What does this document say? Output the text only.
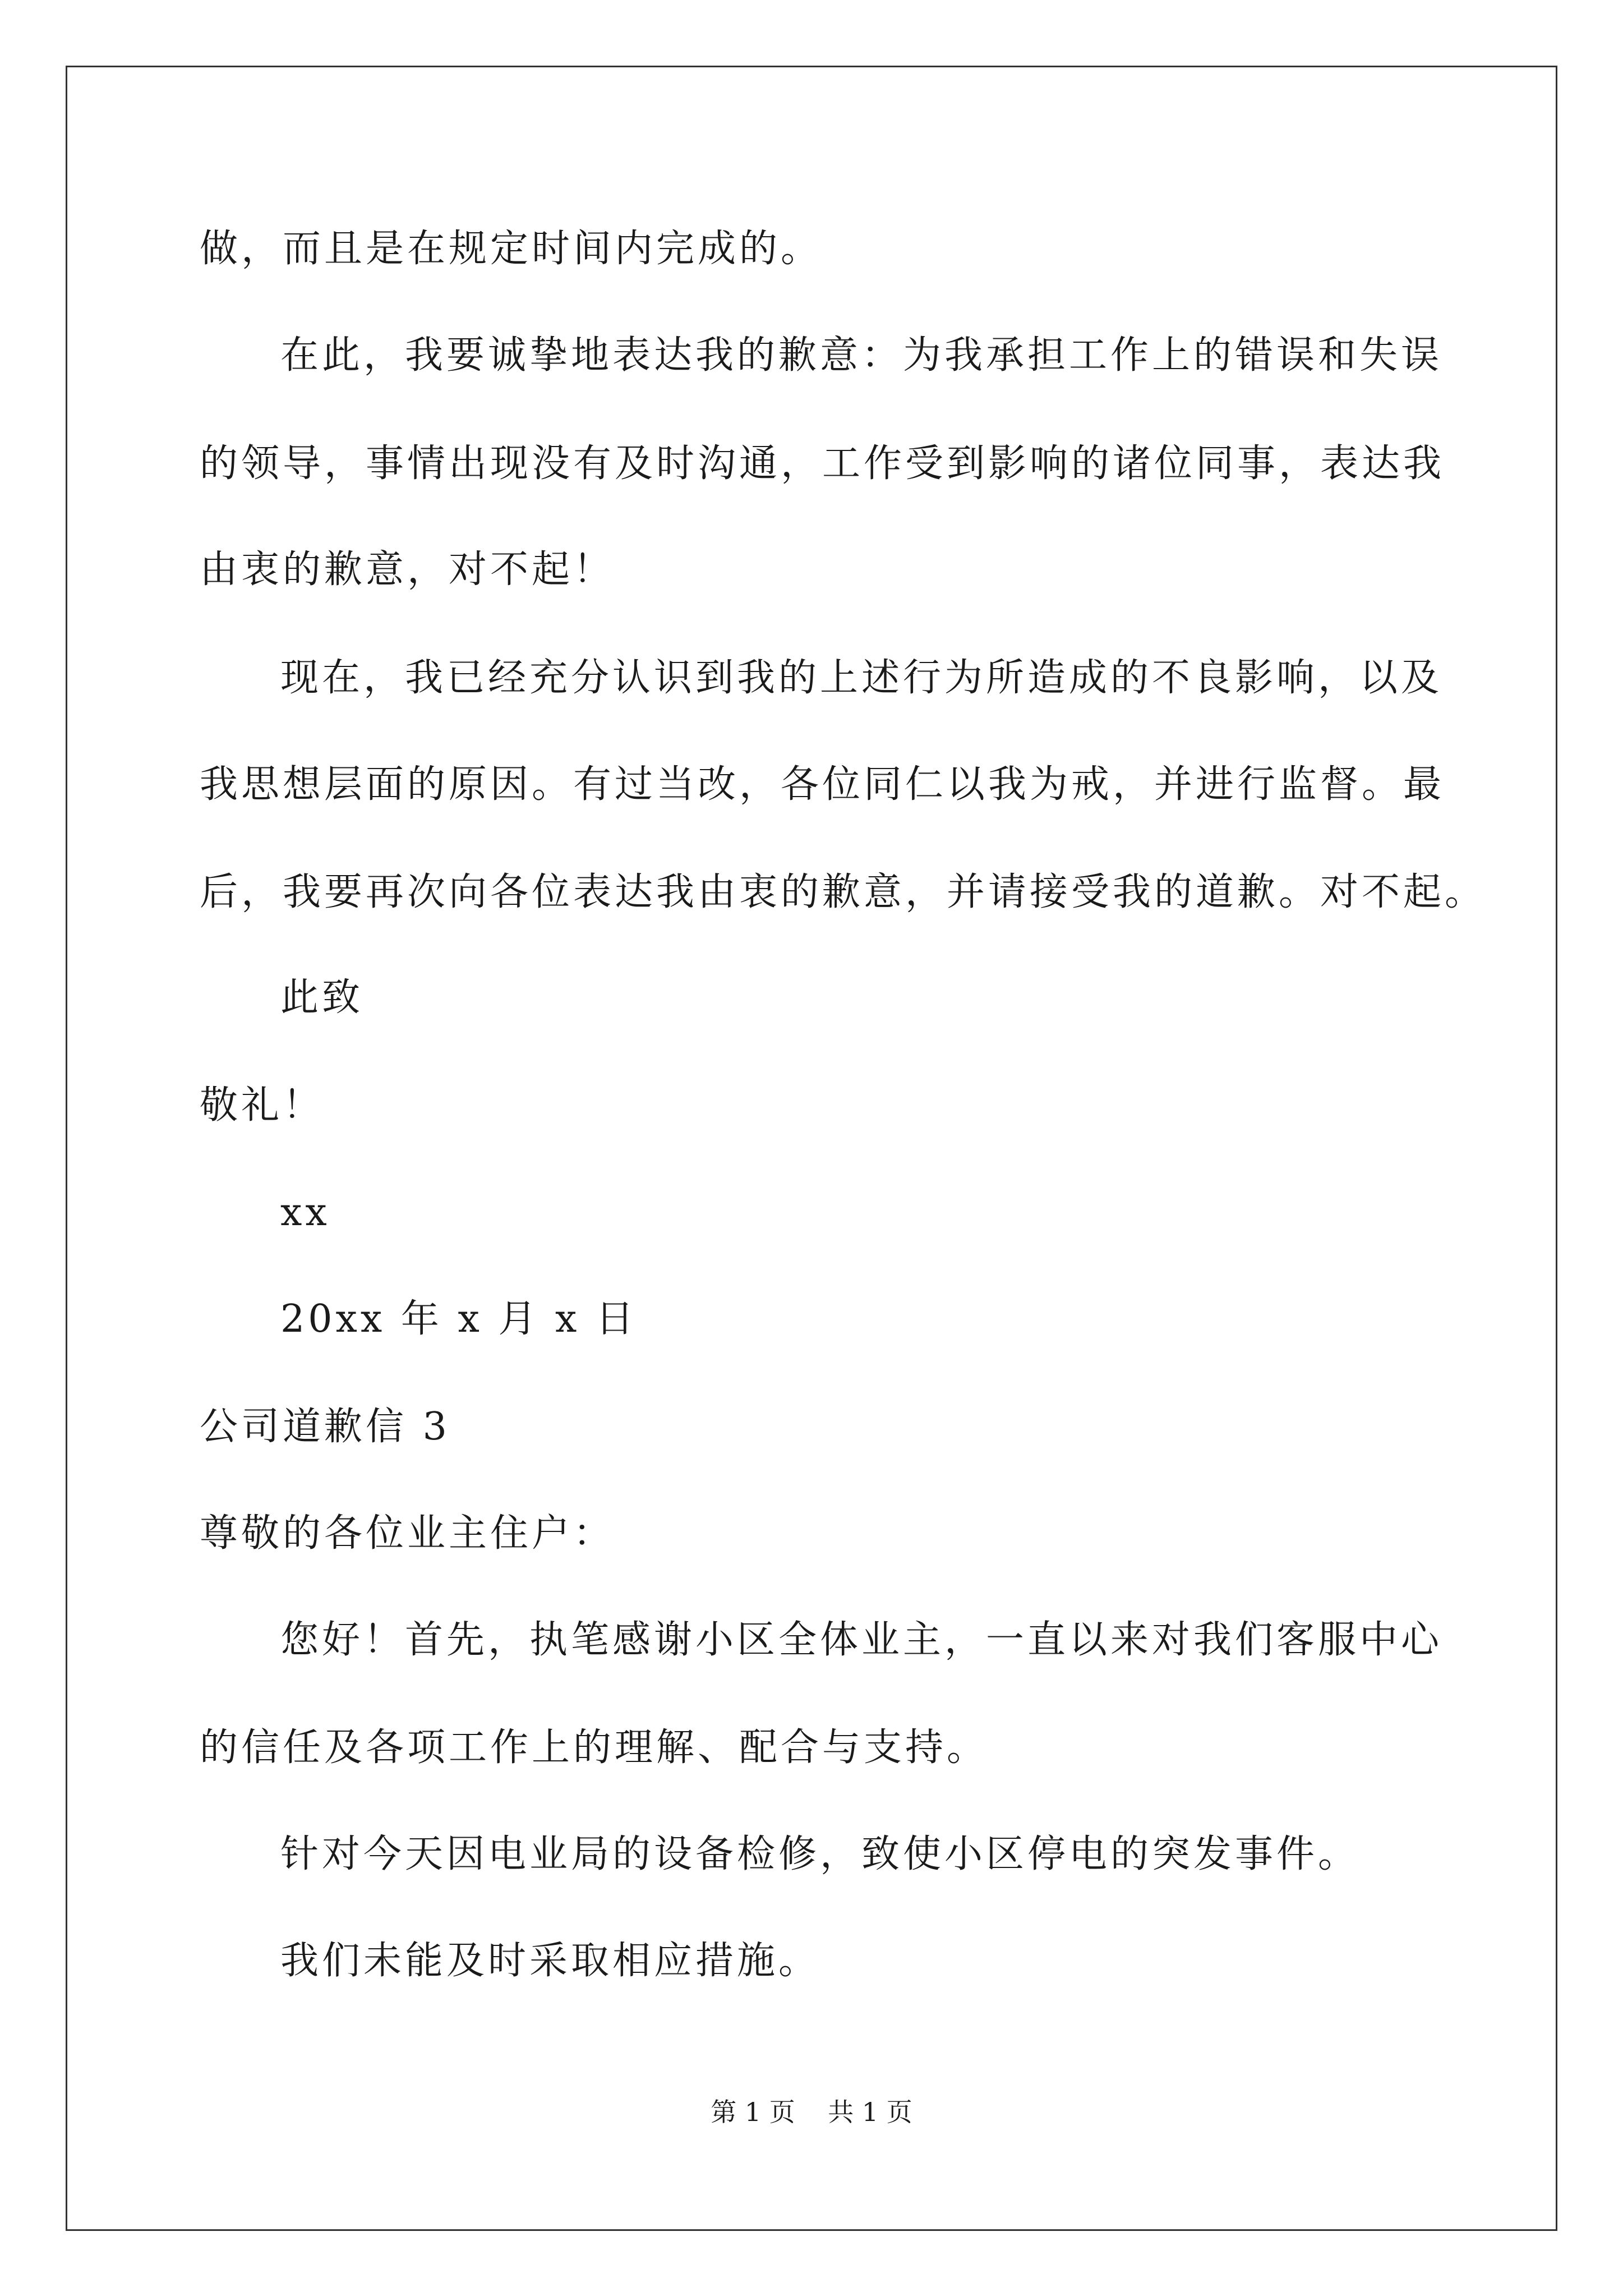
做，而且是在规定时间内完成的。
在此，我要诚挚地表达我的歉意：为我承担工作上的错误和失误
的领导，事情出现没有及时沟通，工作受到影响的诸位同事，表达我
由衷的歉意，对不起！
现在，我已经充分认识到我的上述行为所造成的不良影响，以及
我思想层面的原因。有过当改，各位同仁以我为戒，并进行监督。最
后，我要再次向各位表达我由衷的歉意，并请接受我的道歉。对不起。
此致
敬礼！
xx
20xx 年 x 月 x 日
公司道歉信 3
尊敬的各位业主住户：
您好！首先，执笔感谢小区全体业主，一直以来对我们客服中心
的信任及各项工作上的理解、配合与支持。
针对今天因电业局的设备检修，致使小区停电的突发事件。
我们未能及时采取相应措施。
第 1 页    共 1 页
